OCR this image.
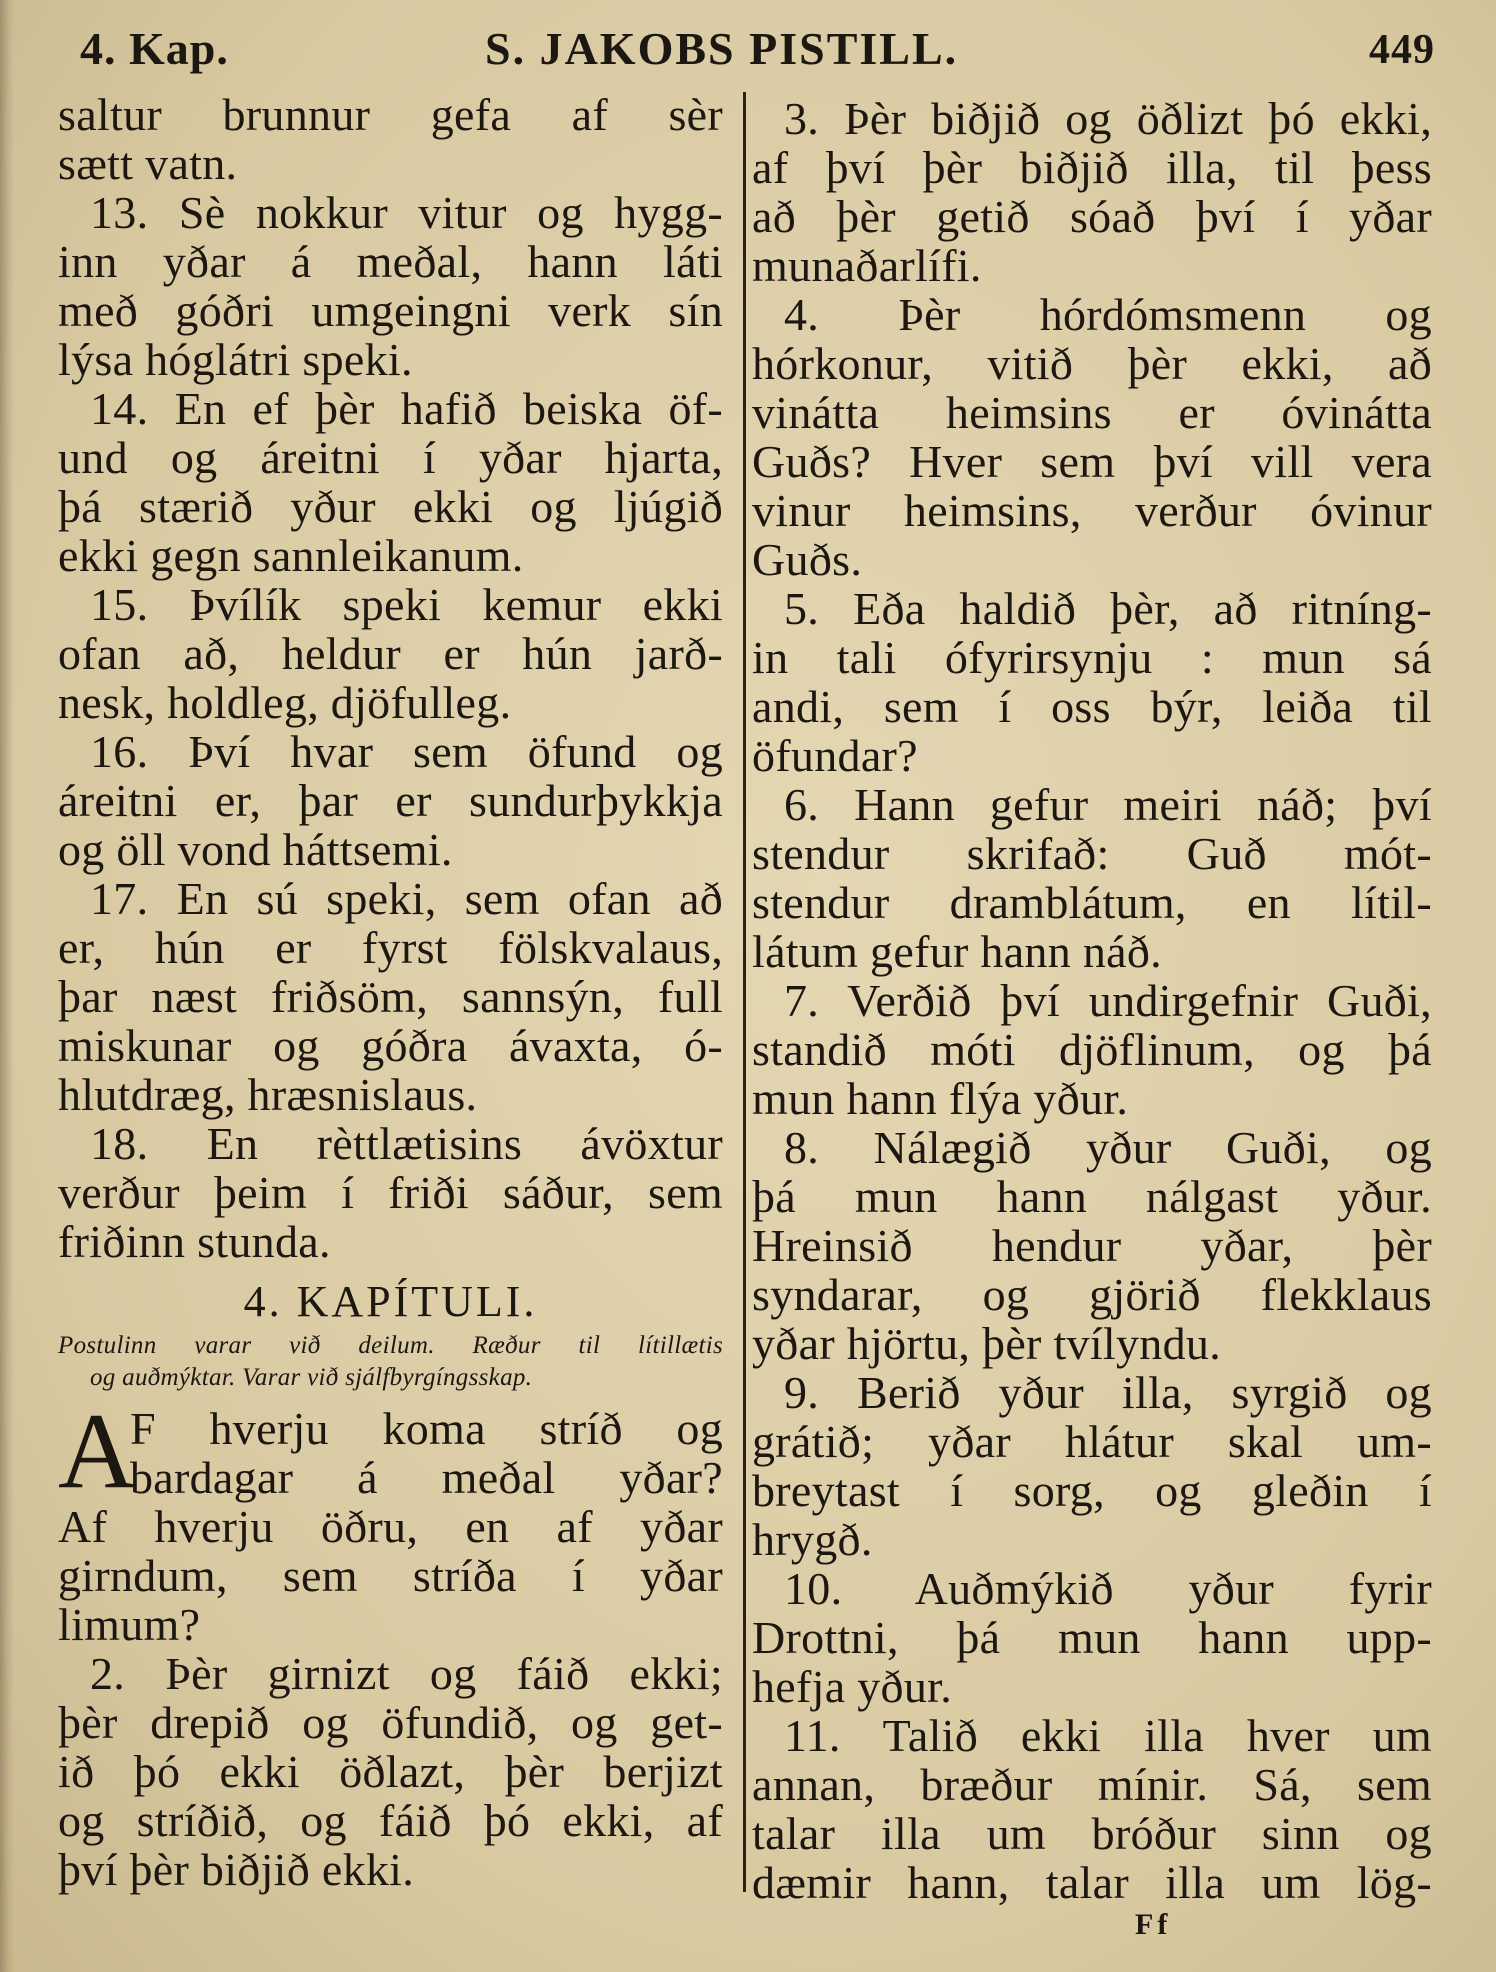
4. Kap.	S. JAKOBS PISTILL.	449
saltur brunnur gefa af sèr
sætt vatn.
13. Sè nokkur vitur og hygg-
inn yðar á meðal, hann láti
með góðri umgeingni verk sín
lýsa hóglátri speki.
14. En ef þèr hafið beiska öf-
und og áreitni í yðar hjarta,
þá stærið yður ekki og ljúgið
ekki gegn sannleikanum.
15. Þvílík speki kemur ekki
ofan að, heldur er hún jarð-
nesk, holdleg, djöfulleg.
16. Því hvar sem öfund og
áreitni er, þar er sundurþykkja
og öll vond háttsemi.
17. En sú speki, sem ofan að
er, hún er fyrst fölskvalaus,
þar næst friðsöm, sannsýn, full
miskunar og góðra ávaxta, ó-
hlutdræg, hræsnislaus.
18. En rèttlætisins ávöxtur
verður þeim í friði sáður, sem
friðinn stunda.
4. KAPÍTULI.
Postulinn varar við deilum. Ræður til lítillætis
og auðmýktar. Varar við sjálfbyrgíngsskap.
A
F hverju koma stríð og
bardagar á meðal yðar?
Af hverju öðru, en af yðar
girndum, sem stríða í yðar
limum?
2. Þèr girnizt og fáið ekki;
þèr drepið og öfundið, og get-
ið þó ekki öðlazt, þèr berjizt
og stríðið, og fáið þó ekki, af
því þèr biðjið ekki.
3. Þèr biðjið og öðlizt þó ekki,
af því þèr biðjið illa, til þess
að þèr getið sóað því í yðar
munaðarlífi.
4. Þèr hórdómsmenn og
hórkonur, vitið þèr ekki, að
vinátta heimsins er óvinátta
Guðs? Hver sem því vill vera
vinur heimsins, verður óvinur
Guðs.
5. Eða haldið þèr, að ritníng-
in tali ófyrirsynju : mun sá
andi, sem í oss býr, leiða til
öfundar?
6. Hann gefur meiri náð; því
stendur skrifað: Guð mót-
stendur dramblátum, en lítil-
látum gefur hann náð.
7. Verðið því undirgefnir Guði,
standið móti djöflinum, og þá
mun hann flýa yður.
8. Nálægið yður Guði, og
þá mun hann nálgast yður.
Hreinsið hendur yðar, þèr
syndarar, og gjörið flekklaus
yðar hjörtu, þèr tvílyndu.
9. Berið yður illa, syrgið og
grátið; yðar hlátur skal um-
breytast í sorg, og gleðin í
hrygð.
10. Auðmýkið yður fyrir
Drottni, þá mun hann upp-
hefja yður.
11. Talið ekki illa hver um
annan, bræður mínir. Sá, sem
talar illa um bróður sinn og
dæmir hann, talar illa um lög-
Ff
